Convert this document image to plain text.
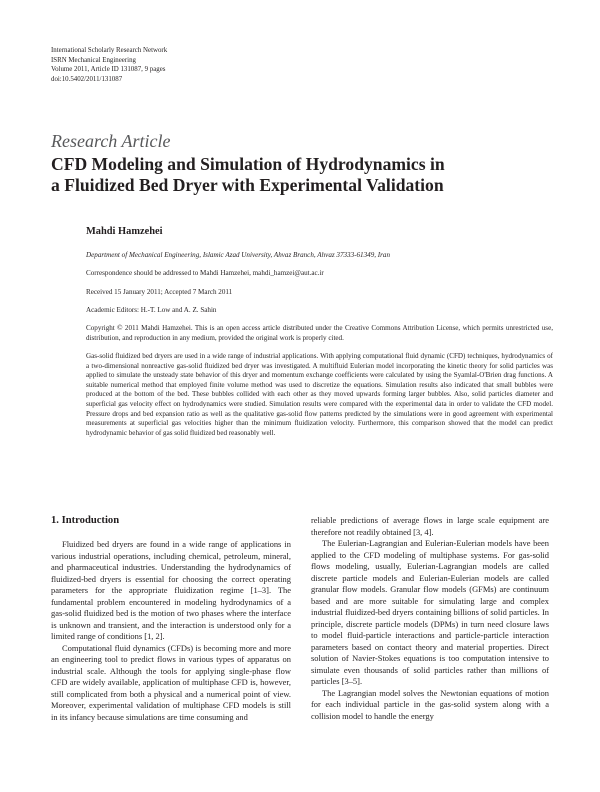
International Scholarly Research Network
ISRN Mechanical Engineering
Volume 2011, Article ID 131087, 9 pages
doi:10.5402/2011/131087
Research Article
CFD Modeling and Simulation of Hydrodynamics in
a Fluidized Bed Dryer with Experimental Validation
Mahdi Hamzehei
Department of Mechanical Engineering, Islamic Azad University, Ahvaz Branch, Ahvaz 37333-61349, Iran
Correspondence should be addressed to Mahdi Hamzehei, mahdi_hamzei@aut.ac.ir
Received 15 January 2011; Accepted 7 March 2011
Academic Editors: H.-T. Low and A. Z. Sahin
Copyright © 2011 Mahdi Hamzehei. This is an open access article distributed under the Creative Commons Attribution License, which permits unrestricted use, distribution, and reproduction in any medium, provided the original work is properly cited.
Gas-solid fluidized bed dryers are used in a wide range of industrial applications. With applying computational fluid dynamic (CFD) techniques, hydrodynamics of a two-dimensional nonreactive gas-solid fluidized bed dryer was investigated. A multifluid Eulerian model incorporating the kinetic theory for solid particles was applied to simulate the unsteady state behavior of this dryer and momentum exchange coefficients were calculated by using the Syamlal-O'Brien drag functions. A suitable numerical method that employed finite volume method was used to discretize the equations. Simulation results also indicated that small bubbles were produced at the bottom of the bed. These bubbles collided with each other as they moved upwards forming larger bubbles. Also, solid particles diameter and superficial gas velocity effect on hydrodynamics were studied. Simulation results were compared with the experimental data in order to validate the CFD model. Pressure drops and bed expansion ratio as well as the qualitative gas-solid flow patterns predicted by the simulations were in good agreement with experimental measurements at superficial gas velocities higher than the minimum fluidization velocity. Furthermore, this comparison showed that the model can predict hydrodynamic behavior of gas solid fluidized bed reasonably well.
1. Introduction

Fluidized bed dryers are found in a wide range of applications in various industrial operations, including chemical, petroleum, mineral, and pharmaceutical industries. Understanding the hydrodynamics of fluidized-bed dryers is essential for choosing the correct operating parameters for the appropriate fluidization regime [1–3]. The fundamental problem encountered in modeling hydrodynamics of a gas-solid fluidized bed is the motion of two phases where the interface is unknown and transient, and the interaction is understood only for a limited range of conditions [1, 2].

Computational fluid dynamics (CFDs) is becoming more and more an engineering tool to predict flows in various types of apparatus on industrial scale. Although the tools for applying single-phase flow CFD are widely available, application of multiphase CFD is, however, still complicated from both a physical and a numerical point of view. Moreover, experimental validation of multiphase CFD models is still in its infancy because simulations are time consuming and

reliable predictions of average flows in large scale equipment are therefore not readily obtained [3, 4].

The Eulerian-Lagrangian and Eulerian-Eulerian models have been applied to the CFD modeling of multiphase systems. For gas-solid flows modeling, usually, Eulerian-Lagrangian models are called discrete particle models and Eulerian-Eulerian models are called granular flow models. Granular flow models (GFMs) are continuum based and are more suitable for simulating large and complex industrial fluidized-bed dryers containing billions of solid particles. In principle, discrete particle models (DPMs) in turn need closure laws to model fluid-particle interactions and particle-particle interaction parameters based on contact theory and material properties. Direct solution of Navier-Stokes equations is too computation intensive to simulate even thousands of solid particles rather than millions of particles [3–5].

The Lagrangian model solves the Newtonian equations of motion for each individual particle in the gas-solid system along with a collision model to handle the energy
